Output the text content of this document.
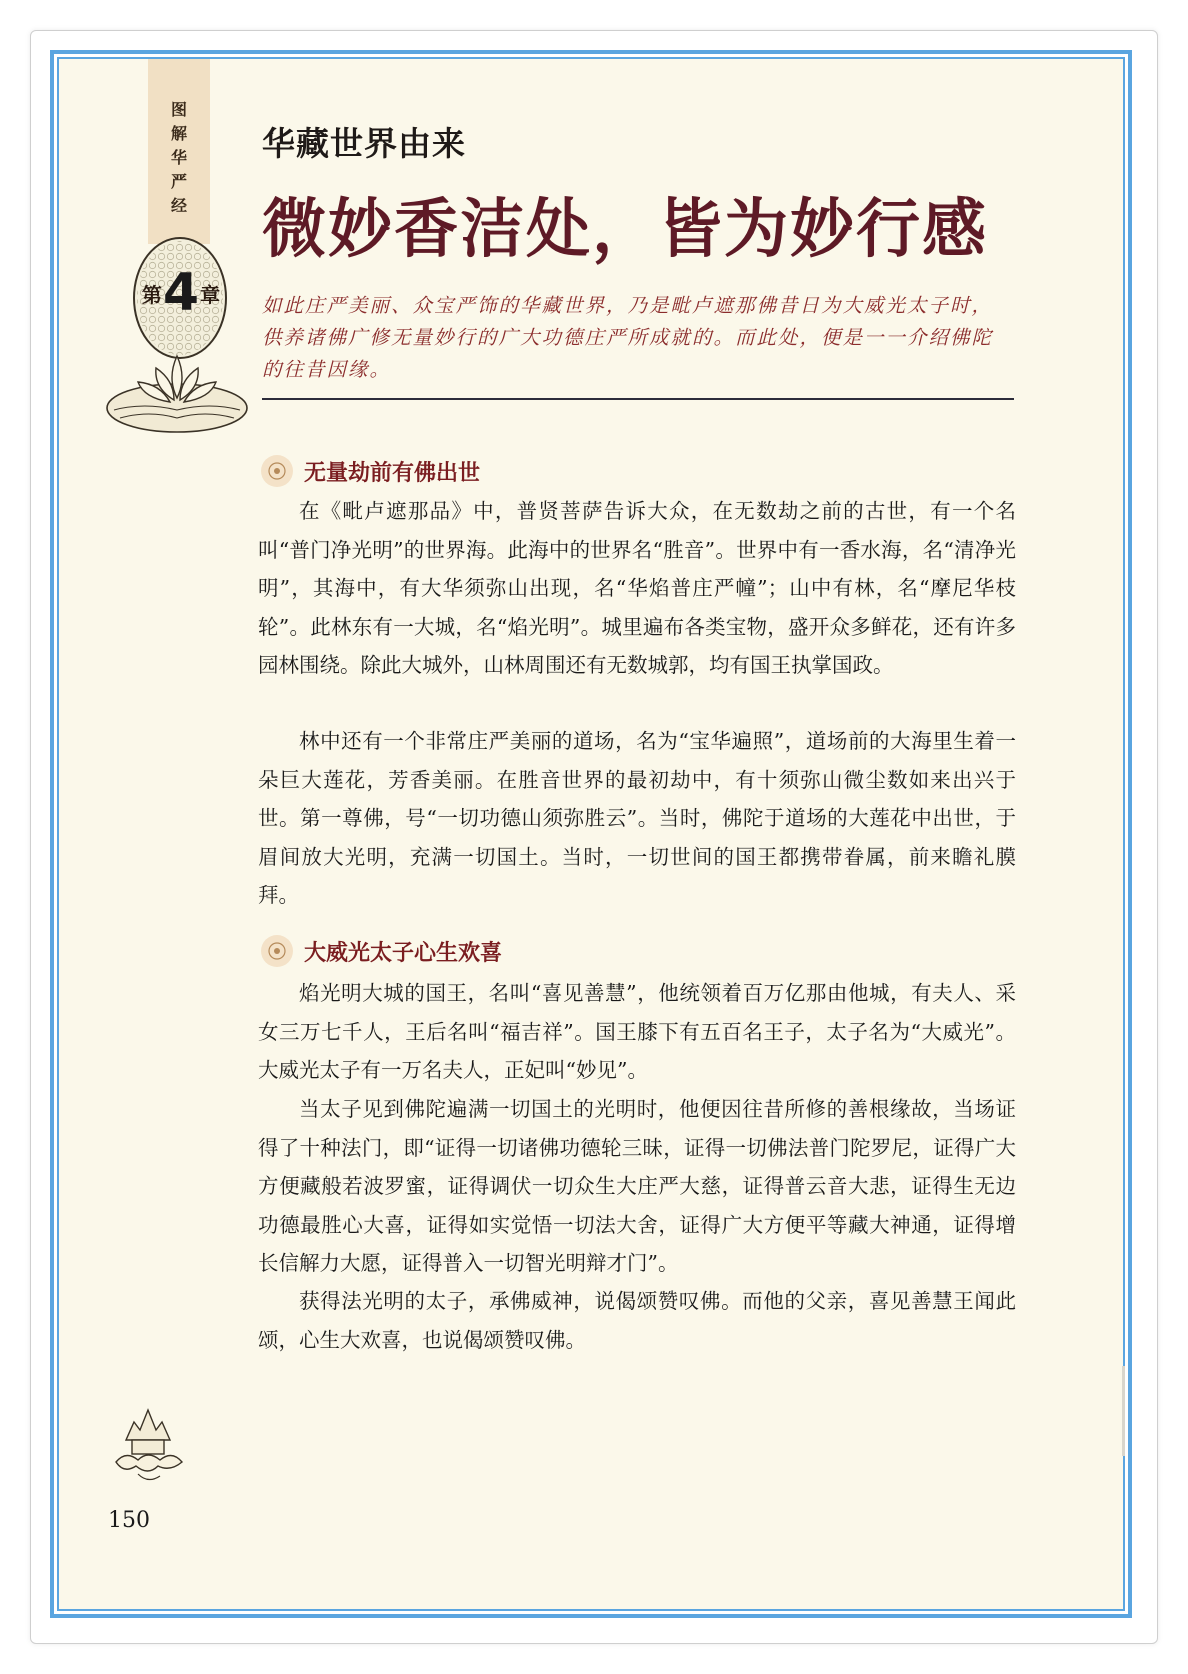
图解华严经
第 4 章
华藏世界由来
微妙香洁处，皆为妙行感
如此庄严美丽、众宝严饰的华藏世界，乃是毗卢遮那佛昔日为大威光太子时，供养诸佛广修无量妙行的广大功德庄严所成就的。而此处，便是一一介绍佛陀的往昔因缘。
无量劫前有佛出世

在《毗卢遮那品》中，普贤菩萨告诉大众，在无数劫之前的古世，有一个名叫“普门净光明”的世界海。此海中的世界名“胜音”。世界中有一香水海，名“清净光明”，其海中，有大华须弥山出现，名“华焰普庄严幢”；山中有林，名“摩尼华枝轮”。此林东有一大城，名“焰光明”。城里遍布各类宝物，盛开众多鲜花，还有许多园林围绕。除此大城外，山林周围还有无数城郭，均有国王执掌国政。

林中还有一个非常庄严美丽的道场，名为“宝华遍照”，道场前的大海里生着一朵巨大莲花，芳香美丽。在胜音世界的最初劫中，有十须弥山微尘数如来出兴于世。第一尊佛，号“一切功德山须弥胜云”。当时，佛陀于道场的大莲花中出世，于眉间放大光明，充满一切国土。当时，一切世间的国王都携带眷属，前来瞻礼膜拜。

大威光太子心生欢喜

焰光明大城的国王，名叫“喜见善慧”，他统领着百万亿那由他城，有夫人、采女三万七千人，王后名叫“福吉祥”。国王膝下有五百名王子，太子名为“大威光”。大威光太子有一万名夫人，正妃叫“妙见”。

当太子见到佛陀遍满一切国土的光明时，他便因往昔所修的善根缘故，当场证得了十种法门，即“证得一切诸佛功德轮三昧，证得一切佛法普门陀罗尼，证得广大方便藏般若波罗蜜，证得调伏一切众生大庄严大慈，证得普云音大悲，证得生无边功德最胜心大喜，证得如实觉悟一切法大舍，证得广大方便平等藏大神通，证得增长信解力大愿，证得普入一切智光明辩才门”。

获得法光明的太子，承佛威神，说偈颂赞叹佛。而他的父亲，喜见善慧王闻此颂，心生大欢喜，也说偈颂赞叹佛。

150
